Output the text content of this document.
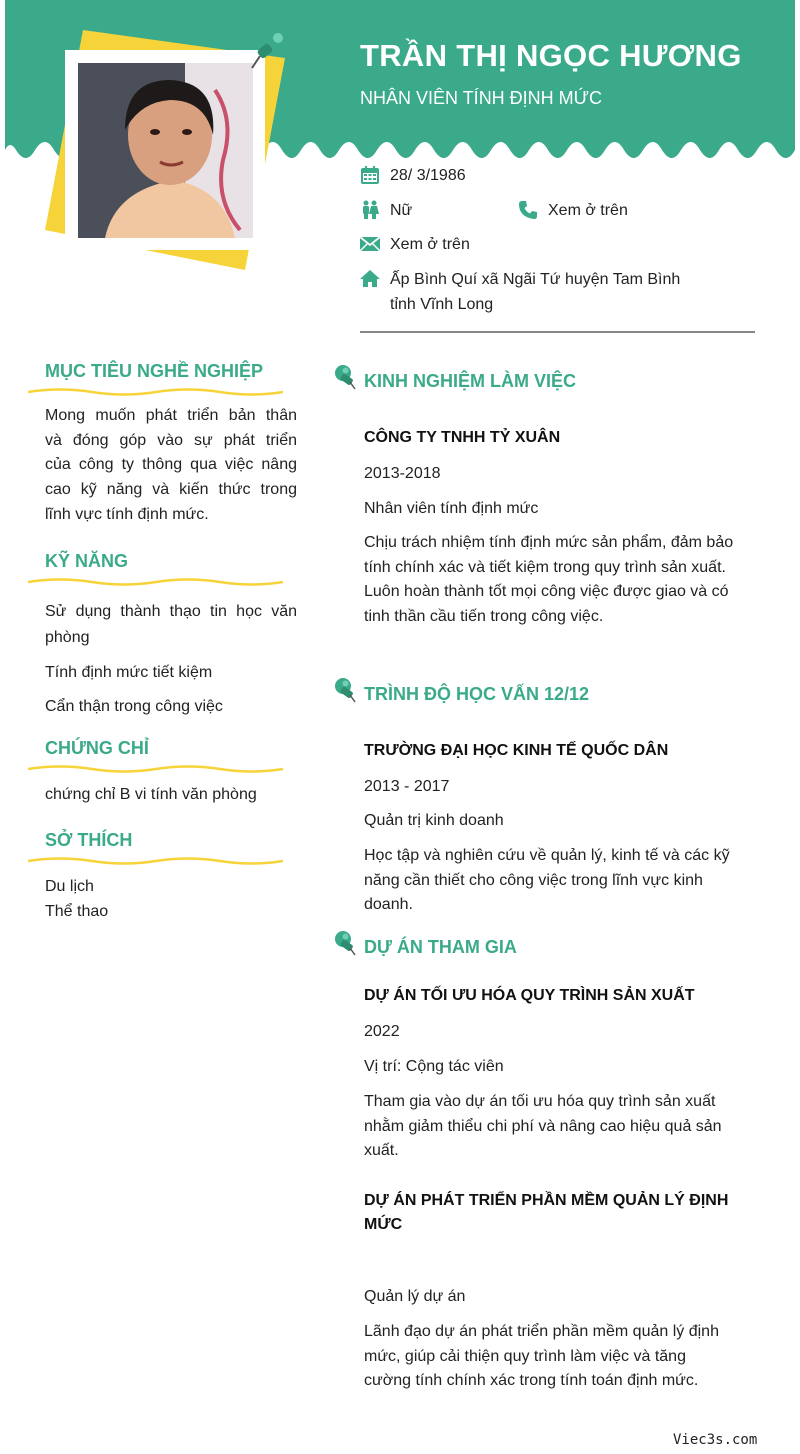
TRẦN THỊ NGỌC HƯƠNG
NHÂN VIÊN TÍNH ĐỊNH MỨC
28/ 3/1986
Nữ	Xem ở trên
Xem ở trên
Ấp Bình Quí xã Ngãi Tứ huyện Tam Bình
tỉnh Vĩnh Long
MỤC TIÊU NGHỀ NGHIỆP
Mong muốn phát triển bản thân
và đóng góp vào sự phát triển
của công ty thông qua việc nâng
cao kỹ năng và kiến thức trong
lĩnh vực tính định mức.
KỸ NĂNG
Sử dụng thành thạo tin học văn
phòng
Tính định mức tiết kiệm
Cẩn thận trong công việc
CHỨNG CHỈ
chứng chỉ B vi tính văn phòng
SỞ THÍCH
Du lịch
Thể thao
KINH NGHIỆM LÀM VIỆC
CÔNG TY TNHH TỶ XUÂN
2013-2018
Nhân viên tính định mức
Chịu trách nhiệm tính định mức sản phẩm, đảm bảo tính chính xác và tiết kiệm trong quy trình sản xuất. Luôn hoàn thành tốt mọi công việc được giao và có tinh thần cầu tiến trong công việc.
TRÌNH ĐỘ HỌC VẤN 12/12
TRƯỜNG ĐẠI HỌC KINH TẾ QUỐC DÂN
2013 - 2017
Quản trị kinh doanh
Học tập và nghiên cứu về quản lý, kinh tế và các kỹ năng cần thiết cho công việc trong lĩnh vực kinh doanh.
DỰ ÁN THAM GIA
DỰ ÁN TỐI ƯU HÓA QUY TRÌNH SẢN XUẤT
2022
Vị trí: Cộng tác viên
Tham gia vào dự án tối ưu hóa quy trình sản xuất nhằm giảm thiểu chi phí và nâng cao hiệu quả sản xuất.
DỰ ÁN PHÁT TRIỂN PHẦN MỀM QUẢN LÝ ĐỊNH MỨC
Quản lý dự án
Lãnh đạo dự án phát triển phần mềm quản lý định mức, giúp cải thiện quy trình làm việc và tăng cường tính chính xác trong tính toán định mức.
Viec3s.com
